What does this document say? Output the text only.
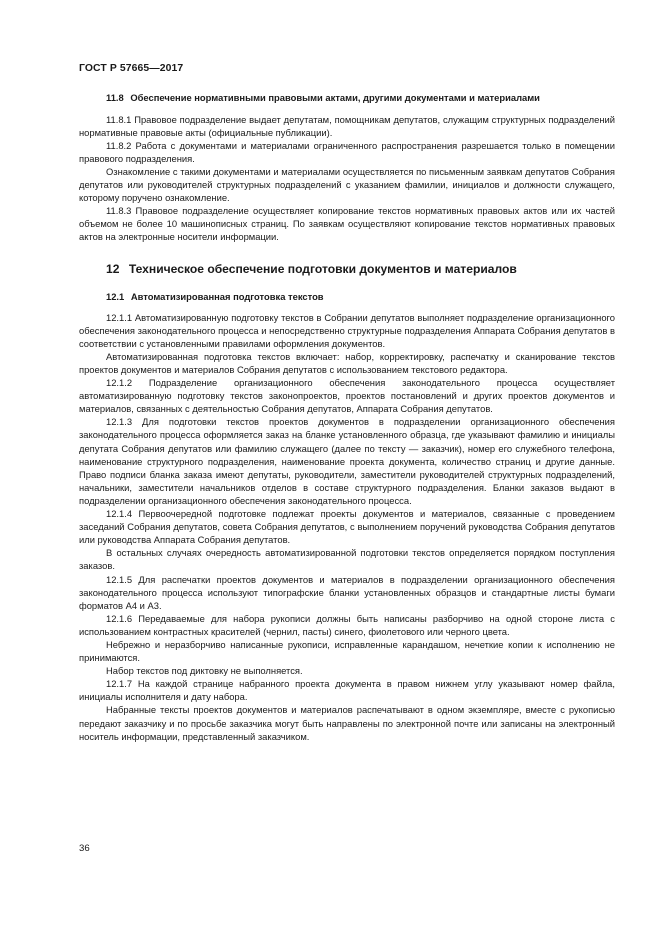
ГОСТ Р 57665—2017
11.8 Обеспечение нормативными правовыми актами, другими документами и материалами

11.8.1 Правовое подразделение выдает депутатам, помощникам депутатов, служащим структурных подразделений нормативные правовые акты (официальные публикации).

11.8.2 Работа с документами и материалами ограниченного распространения разрешается только в помещении правового подразделения.

Ознакомление с такими документами и материалами осуществляется по письменным заявкам депутатов Собрания депутатов или руководителей структурных подразделений с указанием фамилии, инициалов и должности служащего, которому поручено ознакомление.

11.8.3 Правовое подразделение осуществляет копирование текстов нормативных правовых актов или их частей объемом не более 10 машинописных страниц. По заявкам осуществляют копирование текстов нормативных правовых актов на электронные носители информации.

12 Техническое обеспечение подготовки документов и материалов
12.1 Автоматизированная подготовка текстов

12.1.1 Автоматизированную подготовку текстов в Собрании депутатов выполняет подразделение организационного обеспечения законодательного процесса и непосредственно структурные подразделения Аппарата Собрания депутатов в соответствии с установленными правилами оформления документов.

Автоматизированная подготовка текстов включает: набор, корректировку, распечатку и сканирование текстов проектов документов и материалов Собрания депутатов с использованием текстового редактора.

12.1.2 Подразделение организационного обеспечения законодательного процесса осуществляет автоматизированную подготовку текстов законопроектов, проектов постановлений и других проектов документов и материалов, связанных с деятельностью Собрания депутатов, Аппарата Собрания депутатов.

12.1.3 Для подготовки текстов проектов документов в подразделении организационного обеспечения законодательного процесса оформляется заказ на бланке установленного образца, где указывают фамилию и инициалы депутата Собрания депутатов или фамилию служащего (далее по тексту — заказчик), номер его служебного телефона, наименование структурного подразделения, наименование проекта документа, количество страниц и другие данные. Право подписи бланка заказа имеют депутаты, руководители, заместители руководителей структурных подразделений, начальники, заместители начальников отделов в составе структурного подразделения. Бланки заказов выдают в подразделении организационного обеспечения законодательного процесса.

12.1.4 Первоочередной подготовке подлежат проекты документов и материалов, связанные с проведением заседаний Собрания депутатов, совета Собрания депутатов, с выполнением поручений руководства Собрания депутатов или руководства Аппарата Собрания депутатов.

В остальных случаях очередность автоматизированной подготовки текстов определяется порядком поступления заказов.

12.1.5 Для распечатки проектов документов и материалов в подразделении организационного обеспечения законодательного процесса используют типографские бланки установленных образцов и стандартные листы бумаги форматов А4 и А3.

12.1.6 Передаваемые для набора рукописи должны быть написаны разборчиво на одной стороне листа с использованием контрастных красителей (чернил, пасты) синего, фиолетового или черного цвета.

Небрежно и неразборчиво написанные рукописи, исправленные карандашом, нечеткие копии к исполнению не принимаются.

Набор текстов под диктовку не выполняется.

12.1.7 На каждой странице набранного проекта документа в правом нижнем углу указывают номер файла, инициалы исполнителя и дату набора.

Набранные тексты проектов документов и материалов распечатывают в одном экземпляре, вместе с рукописью передают заказчику и по просьбе заказчика могут быть направлены по электронной почте или записаны на электронный носитель информации, представленный заказчиком.

36
